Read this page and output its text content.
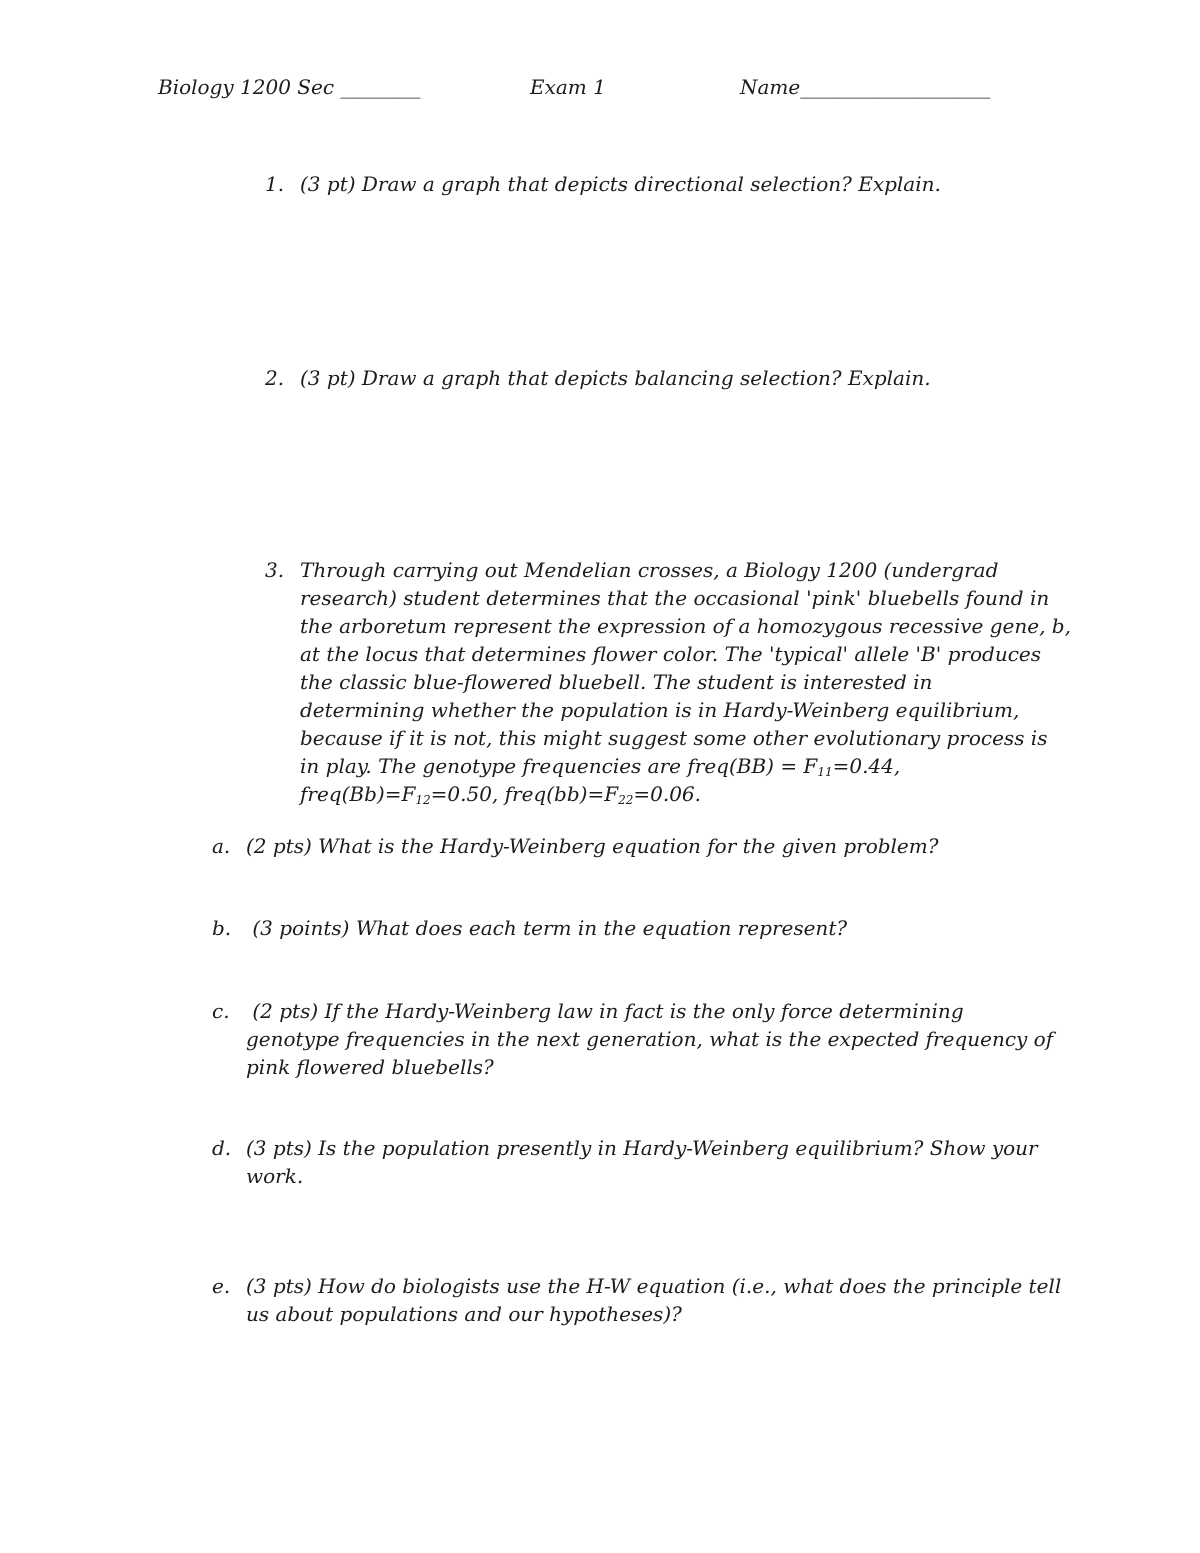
Biology 1200 Sec ________	Exam 1	Name___________________
1. (3 pt) Draw a graph that depicts directional selection? Explain.
2. (3 pt) Draw a graph that depicts balancing selection? Explain.
3. Through carrying out Mendelian crosses, a Biology 1200 (undergrad
research) student determines that the occasional 'pink' bluebells found in
the arboretum represent the expression of a homozygous recessive gene, b,
at the locus that determines flower color. The 'typical' allele 'B' produces
the classic blue-flowered bluebell. The student is interested in
determining whether the population is in Hardy-Weinberg equilibrium,
because if it is not, this might suggest some other evolutionary process is
in play. The genotype frequencies are freq(BB) = $F_{11}=0.44$,
$freq(Bb)=F_{12}=0.50$, $freq(bb)=F_{22}=0.06$.
a. (2 pts) What is the Hardy-Weinberg equation for the given problem?
b. (3 points) What does each term in the equation represent?
c. (2 pts) If the Hardy-Weinberg law in fact is the only force determining
genotype frequencies in the next generation, what is the expected frequency of
pink flowered bluebells?
d. (3 pts) Is the population presently in Hardy-Weinberg equilibrium? Show your
work.
e. (3 pts) How do biologists use the H-W equation (i.e., what does the principle tell
us about populations and our hypotheses)?
